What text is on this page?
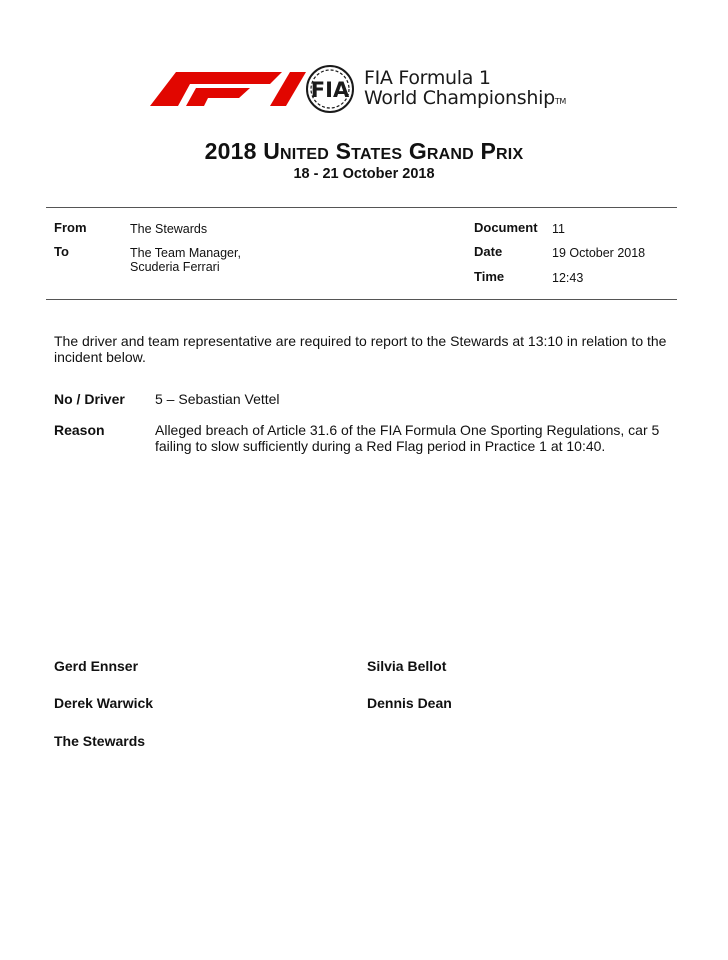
FIA FIA Formula 1
World ChampionshipTM
2018 United States Grand Prix
18 - 21 October 2018
From	The Stewards
To	The Team Manager,
Scuderia Ferrari
Document 11
Date	19 October 2018
Time	12:43
The driver and team representative are required to report to the Stewards at 13:10 in relation to the incident below.
No / Driver 5 – Sebastian Vettel
Reason	Alleged breach of Article 31.6 of the FIA Formula One Sporting Regulations, car 5 failing to slow sufficiently during a Red Flag period in Practice 1 at 10:40.
Gerd Ennser	Silvia Bellot
Derek Warwick	Dennis Dean
The Stewards
